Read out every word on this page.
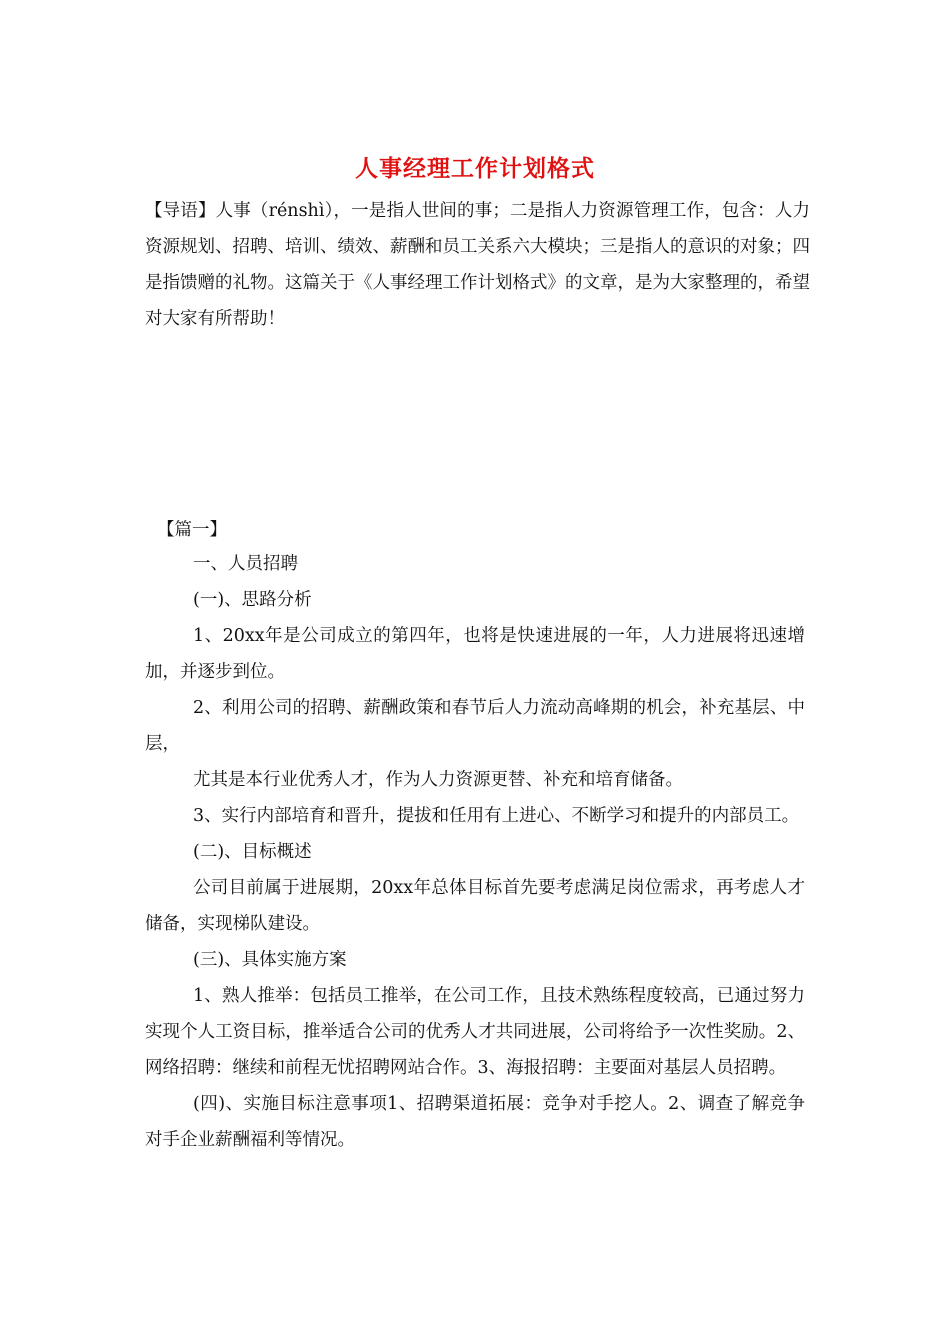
人事经理工作计划格式
【导语】人事（rénshì），一是指人世间的事；二是指人力资源管理工作，包含：人力资源规划、招聘、培训、绩效、薪酬和员工关系六大模块；三是指人的意识的对象；四是指馈赠的礼物。这篇关于《人事经理工作计划格式》的文章，是为大家整理的，希望对大家有所帮助！
【篇一】

一、人员招聘

(一)、思路分析

1、20xx年是公司成立的第四年，也将是快速进展的一年，人力进展将迅速增加，并逐步到位。

2、利用公司的招聘、薪酬政策和春节后人力流动高峰期的机会，补充基层、中层，

尤其是本行业优秀人才，作为人力资源更替、补充和培育储备。

3、实行内部培育和晋升，提拔和任用有上进心、不断学习和提升的内部员工。

(二)、目标概述

公司目前属于进展期，20xx年总体目标首先要考虑满足岗位需求，再考虑人才储备，实现梯队建设。

(三)、具体实施方案

1、熟人推举：包括员工推举，在公司工作，且技术熟练程度较高，已通过努力实现个人工资目标，推举适合公司的优秀人才共同进展，公司将给予一次性奖励。2、网络招聘：继续和前程无忧招聘网站合作。3、海报招聘：主要面对基层人员招聘。

(四)、实施目标注意事项1、招聘渠道拓展：竞争对手挖人。2、调查了解竞争对手企业薪酬福利等情况。
